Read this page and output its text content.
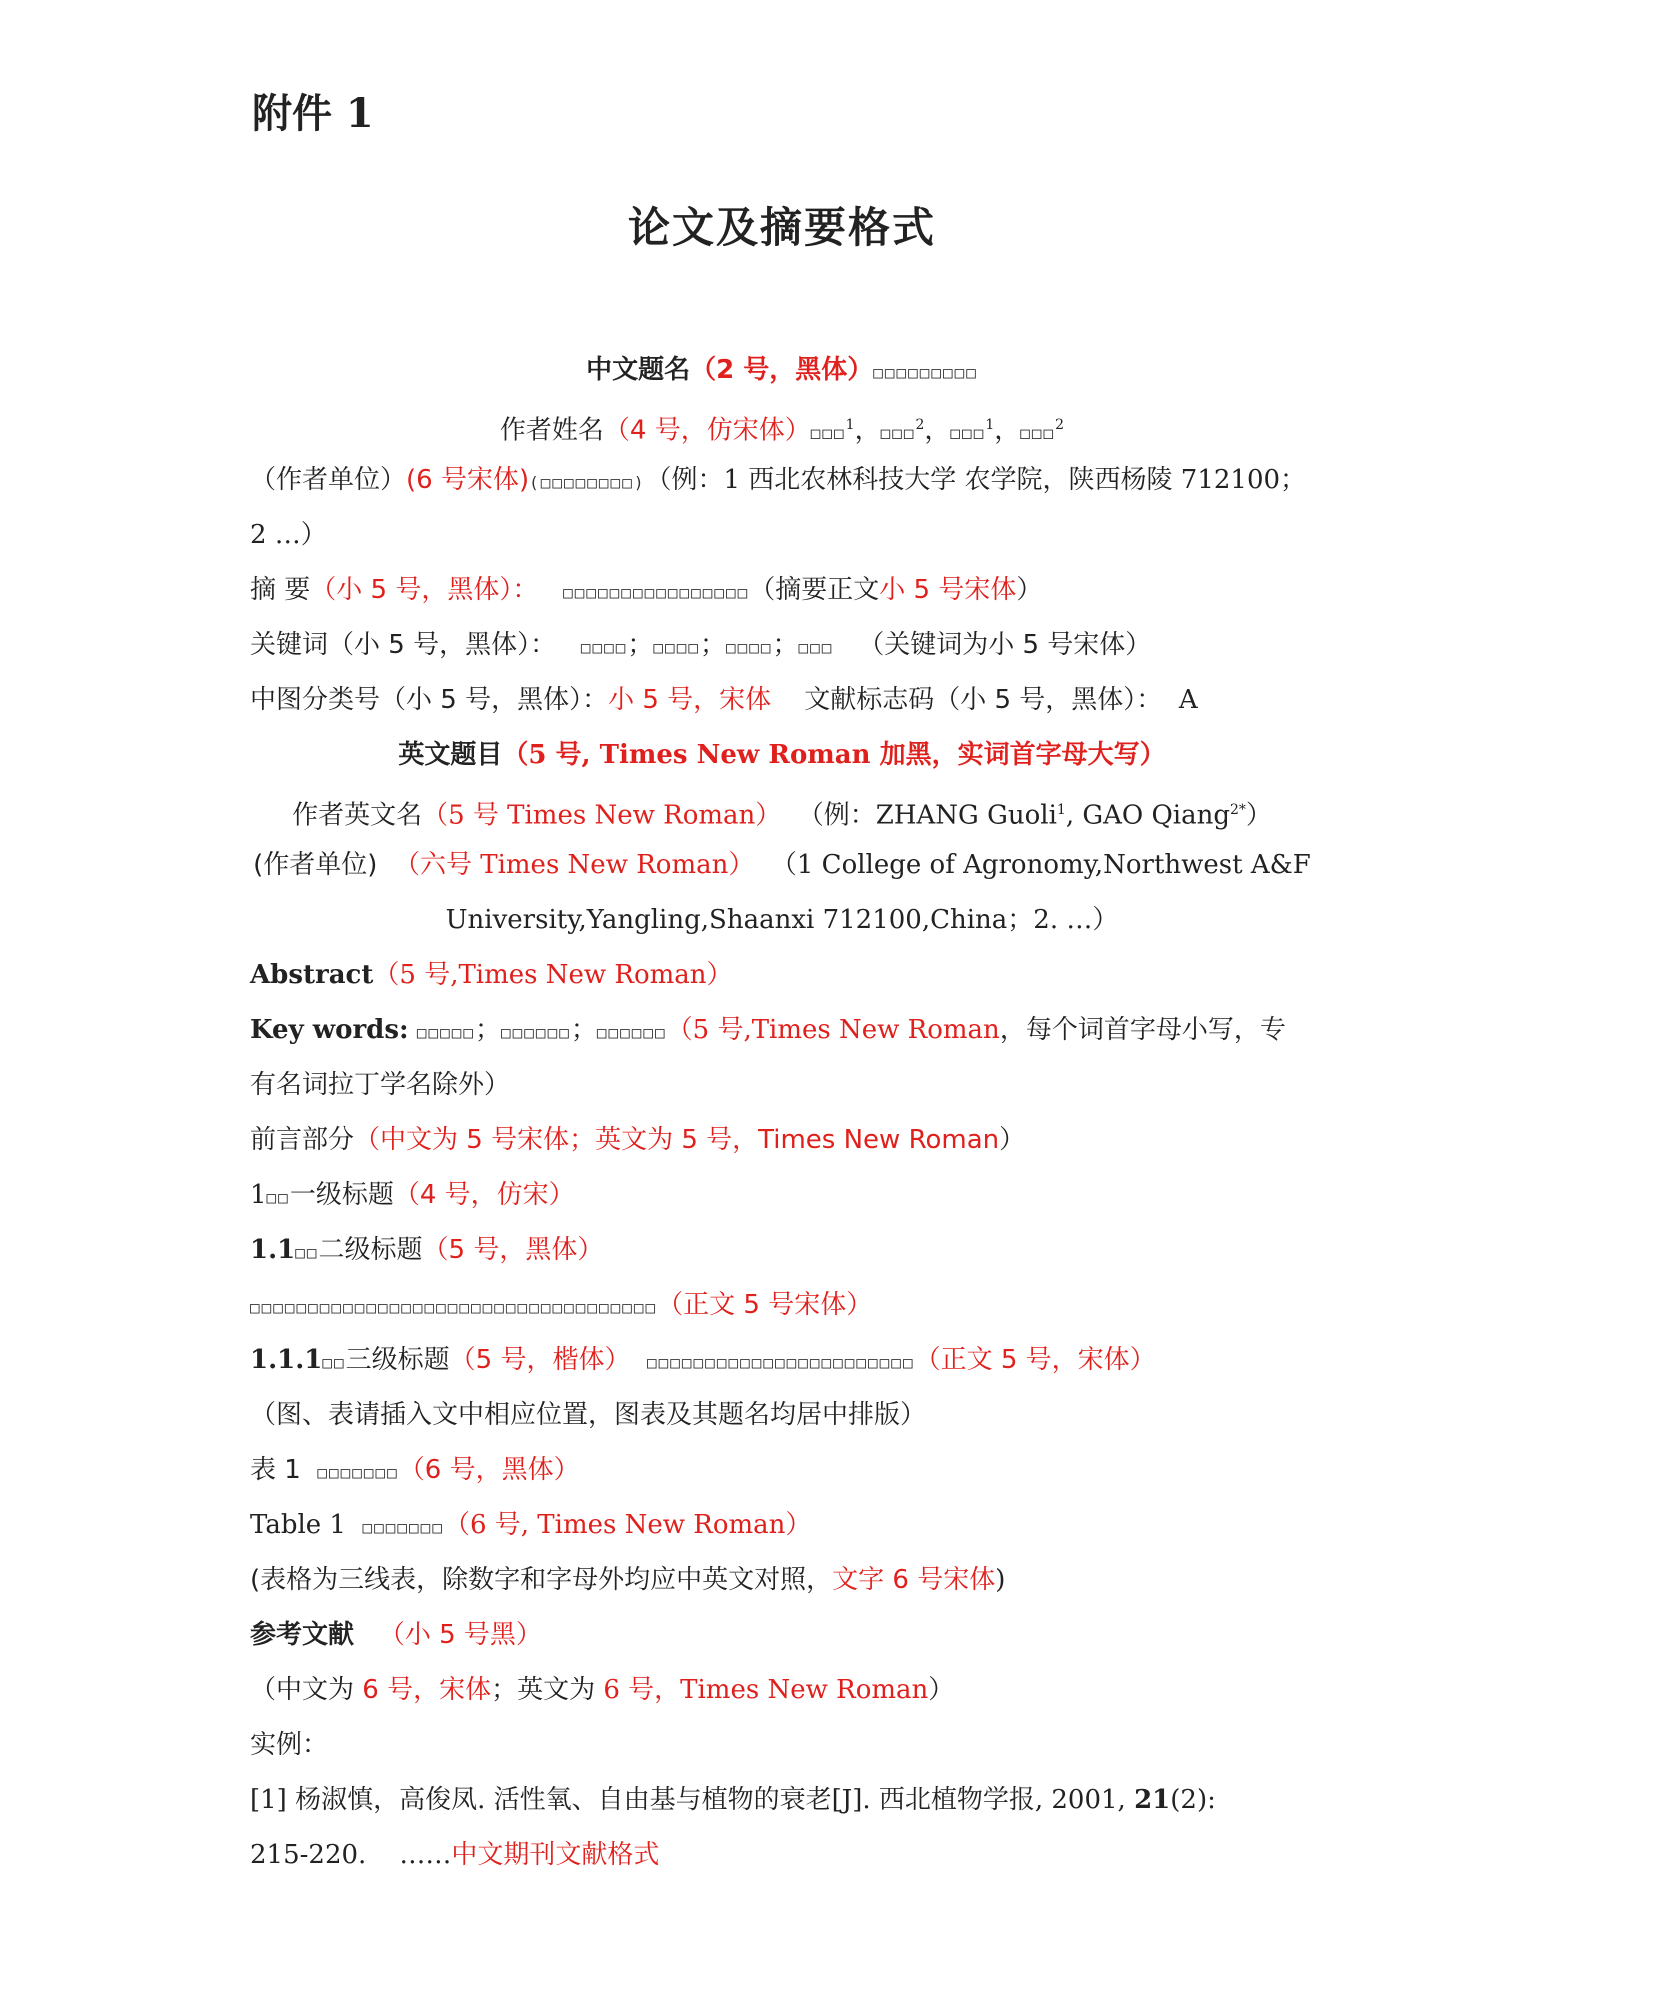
附件 1
论文及摘要格式
中文题名（2 号，黑体）□□□□□□□□□
作者姓名（4 号，仿宋体）□□□$^1$，□□□$^2$，□□□$^1$，□□□$^2$
（作者单位）(6 号宋体)(□□□□□□□□)（例：1 西北农林科技大学 农学院，陕西杨陵 712100；
2 …）
摘 要（小 5 号，黑体）： □□□□□□□□□□□□□□□□（摘要正文小 5 号宋体）
关键词（小 5 号，黑体）： □□□□；□□□□；□□□□；□□□ （关键词为小 5 号宋体）
中图分类号（小 5 号，黑体）：小 5 号，宋体 文献标志码（小 5 号，黑体）： A
英文题目（5 号, Times New Roman 加黑，实词首字母大写）
作者英文名（5 号 Times New Roman） （例：ZHANG Guoli$^1$, GAO Qiang$^{2*}$）
(作者单位) （六号 Times New Roman） （1 College of Agronomy,Northwest A&F
University,Yangling,Shaanxi 712100,China；2. …）
Abstract（5 号,Times New Roman）
Key words: □□□□□；□□□□□□；□□□□□□（5 号,Times New Roman，每个词首字母小写，专
有名词拉丁学名除外）
前言部分（中文为 5 号宋体；英文为 5 号，Times New Roman）
1□□一级标题（4 号，仿宋）
1.1□□二级标题（5 号，黑体）
□□□□□□□□□□□□□□□□□□□□□□□□□□□□□□□□□□□（正文 5 号宋体）
1.1.1□□三级标题（5 号，楷体） □□□□□□□□□□□□□□□□□□□□□□□（正文 5 号，宋体）
（图、表请插入文中相应位置，图表及其题名均居中排版）
表 1 □□□□□□□（6 号，黑体）
Table 1 □□□□□□□（6 号, Times New Roman）
(表格为三线表，除数字和字母外均应中英文对照，文字 6 号宋体)
参考文献 （小 5 号黑）
（中文为 6 号，宋体；英文为 6 号，Times New Roman）
实例：
[1] 杨淑慎，高俊凤. 活性氧、自由基与植物的衰老[J]. 西北植物学报, 2001, 21(2):
215-220. ……中文期刊文献格式
